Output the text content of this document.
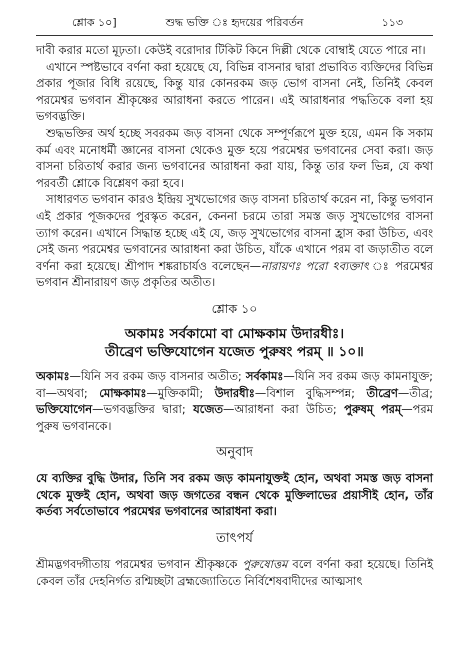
শ্লোক ১০]	শুদ্ধ ভক্তি ঃ হৃদয়ের পরিবর্তন	১১৩

দাবী করার মতো মূঢ়তা। কেউই বরোদার টিকিট কিনে দিল্লী থেকে বোম্বাই যেতে পারে না।

এখানে স্পষ্টভাবে বর্ণনা করা হয়েছে যে, বিভিন্ন বাসনার দ্বারা প্রভাবিত ব্যক্তিদের বিভিন্ন প্রকার পূজার বিধি রয়েছে, কিন্তু যার কোনরকম জড় ভোগ বাসনা নেই, তিনিই কেবল পরমেশ্বর ভগবান শ্রীকৃষ্ণের আরাধনা করতে পারেন। এই আরাধনার পদ্ধতিকে বলা হয় ভগবদ্ভক্তি।

শুদ্ধভক্তির অর্থ হচ্ছে সবরকম জড় বাসনা থেকে সম্পূর্ণরূপে মুক্ত হয়ে, এমন কি সকাম কর্ম এবং মনোধর্মী জ্ঞানের বাসনা থেকেও মুক্ত হয়ে পরমেশ্বর ভগবানের সেবা করা। জড় বাসনা চরিতার্থ করার জন্য ভগবানের আরাধনা করা যায়, কিন্তু তার ফল ভিন্ন, যে কথা পরবর্তী শ্লোকে বিশ্লেষণ করা হবে।

সাধারণত ভগবান কারও ইন্দ্রিয় সুখভোগের জড় বাসনা চরিতার্থ করেন না, কিন্তু ভগবান এই প্রকার পূজকদের পুরস্কৃত করেন, কেননা চরমে তারা সমস্ত জড় সুখভোগের বাসনা ত্যাগ করেন। এখানে সিদ্ধান্ত হচ্ছে এই যে, জড় সুখভোগের বাসনা হ্রাস করা উচিত, এবং সেই জন্য পরমেশ্বর ভগবানের আরাধনা করা উচিত, যাঁকে এখানে পরম বা জড়াতীত বলে বর্ণনা করা হয়েছে। শ্রীপাদ শঙ্করাচার্যও বলেছেন—নারায়ণঃ পরো ঽব্যক্তাৎ ঃ পরমেশ্বর ভগবান শ্রীনারায়ণ জড় প্রকৃতির অতীত।

শ্লোক ১০
অকামঃ সর্বকামো বা মোক্ষকাম উদারধীঃ।
তীব্রেণ ভক্তিযোগেন যজেত পুরুষং পরম্ ॥ ১০॥

অকামঃ—যিনি সব রকম জড় বাসনার অতীত; সর্বকামঃ—যিনি সব রকম জড় কামনাযুক্ত; বা—অথবা; মোক্ষকামঃ—মুক্তিকামী; উদারধীঃ—বিশাল বুদ্ধিসম্পন্ন; তীব্রেণ—তীব্র; ভক্তিযোগেন—ভগবদ্ভক্তির দ্বারা; যজেত—আরাধনা করা উচিত; পুরুষম্ পরম্—পরম পুরুষ ভগবানকে।

অনুবাদ

যে ব্যক্তির বুদ্ধি উদার, তিনি সব রকম জড় কামনাযুক্তই হোন, অথবা সমস্ত জড় বাসনা থেকে মুক্তই হোন, অথবা জড় জগতের বন্ধন থেকে মুক্তিলাভের প্রয়াসীই হোন, তাঁর কর্তব্য সর্বতোভাবে পরমেশ্বর ভগবানের আরাধনা করা।

তাৎপর্য

শ্রীমদ্ভগবদ্গীতায় পরমেশ্বর ভগবান শ্রীকৃষ্ণকে পুরুষোত্তম বলে বর্ণনা করা হয়েছে। তিনিই কেবল তাঁর দেহনির্গত রশ্মিচ্ছটা ব্রহ্মজ্যোতিতে নির্বিশেষবাদীদের আত্মসাৎ
